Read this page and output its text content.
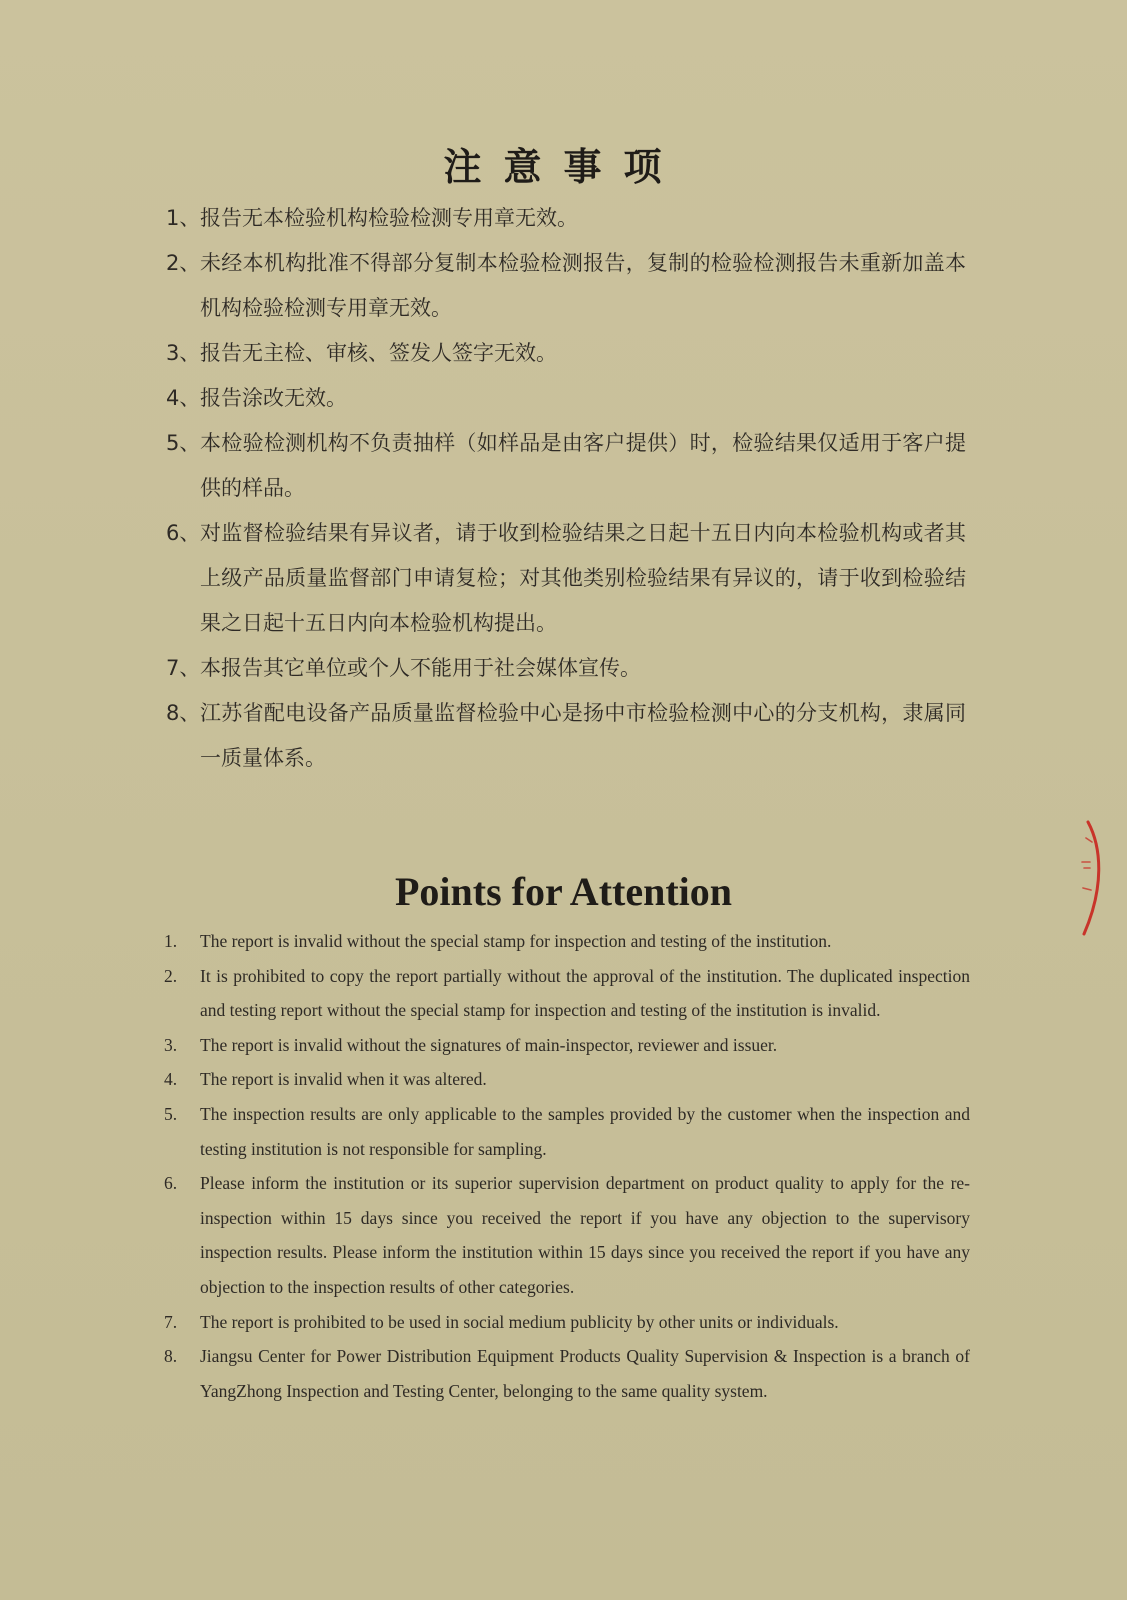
注意事项
1、 报告无本检验机构检验检测专用章无效。
2、 未经本机构批准不得部分复制本检验检测报告，复制的检验检测报告未重新加盖本机构检验检测专用章无效。
3、 报告无主检、审核、签发人签字无效。
4、 报告涂改无效。
5、 本检验检测机构不负责抽样（如样品是由客户提供）时，检验结果仅适用于客户提供的样品。
6、 对监督检验结果有异议者，请于收到检验结果之日起十五日内向本检验机构或者其上级产品质量监督部门申请复检；对其他类别检验结果有异议的，请于收到检验结果之日起十五日内向本检验机构提出。
7、 本报告其它单位或个人不能用于社会媒体宣传。
8、 江苏省配电设备产品质量监督检验中心是扬中市检验检测中心的分支机构，隶属同一质量体系。
Points for Attention
1.	The report is invalid without the special stamp for inspection and testing of the institution.
2.	It is prohibited to copy the report partially without the approval of the institution. The duplicated inspection and testing report without the special stamp for inspection and testing of the institution is invalid.
3.	The report is invalid without the signatures of main-inspector, reviewer and issuer.
4.	The report is invalid when it was altered.
5.	The inspection results are only applicable to the samples provided by the customer when the inspection and testing institution is not responsible for sampling.
6.	Please inform the institution or its superior supervision department on product quality to apply for the re-inspection within 15 days since you received the report if you have any objection to the supervisory inspection results. Please inform the institution within 15 days since you received the report if you have any objection to the inspection results of other categories.
7.	The report is prohibited to be used in social medium publicity by other units or individuals.
8.	Jiangsu Center for Power Distribution Equipment Products Quality Supervision & Inspection is a branch of YangZhong Inspection and Testing Center, belonging to the same quality system.
